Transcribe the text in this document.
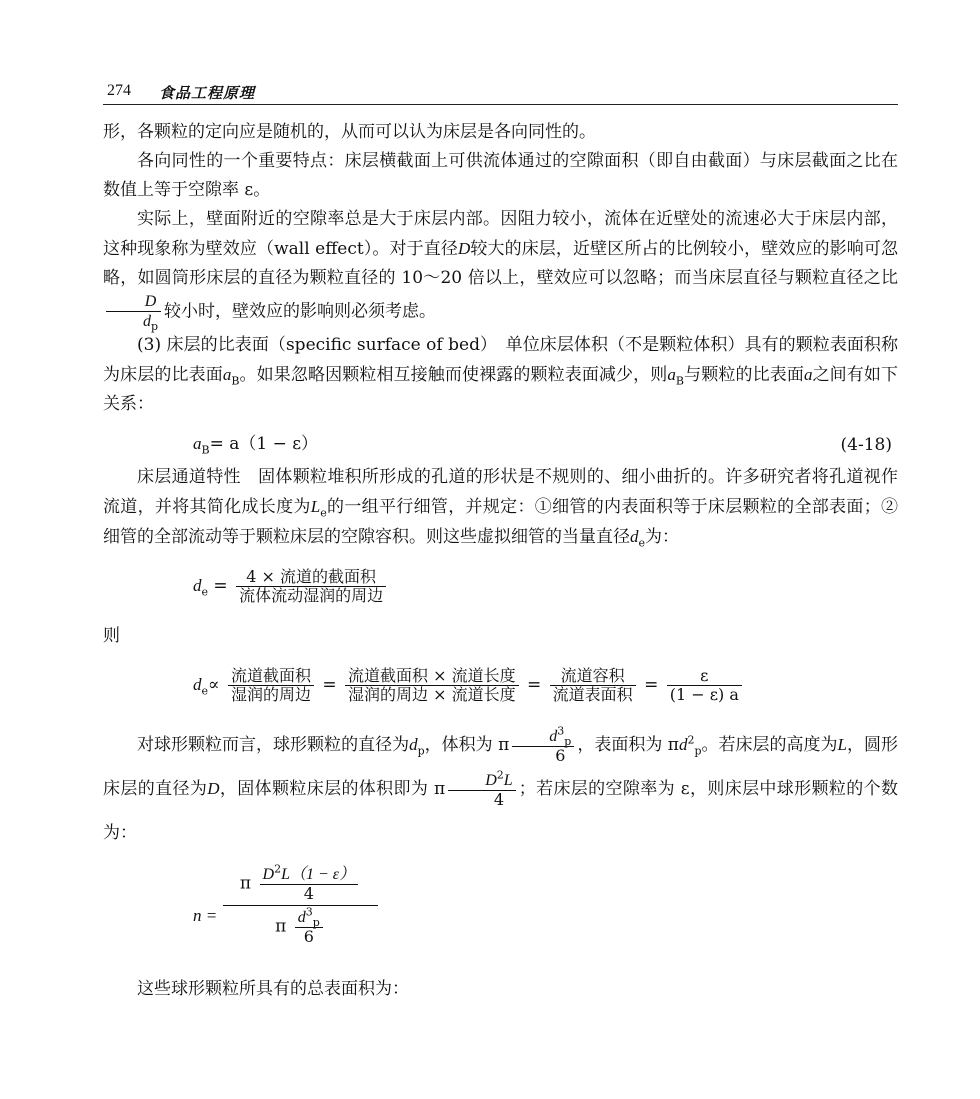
274 食品工程原理

形，各颗粒的定向应是随机的，从而可以认为床层是各向同性的。

各向同性的一个重要特点：床层横截面上可供流体通过的空隙面积（即自由截面）与床层截面之比在数值上等于空隙率 ε。

实际上，壁面附近的空隙率总是大于床层内部。因阻力较小，流体在近壁处的流速必大于床层内部，这种现象称为壁效应（wall effect）。对于直径D较大的床层，近壁区所占的比例较小，壁效应的影响可忽略，如圆筒形床层的直径为颗粒直径的 10～20 倍以上，壁效应可以忽略；而当床层直径与颗粒直径之比
$\frac{D}{d_p}$ 较小时，壁效应的影响则必须考虑。

(3) 床层的比表面（specific surface of bed）　单位床层体积（不是颗粒体积）具有的颗粒表面积称为床层的比表面$a_B$。如果忽略因颗粒相互接触而使裸露的颗粒表面减少，则$a_B$与颗粒的比表面a之间有如下关系：

$a_B= a(1 - \varepsilon)$	(4-18)

床层通道特性　固体颗粒堆积所形成的孔道的形状是不规则的、细小曲折的。许多研究者将孔道视作流道，并将其简化成长度为$L_e$的一组平行细管，并规定：①细管的内表面积等于床层颗粒的全部表面；②细管的全部流动等于颗粒床层的空隙容积。则这些虚拟细管的当量直径$d_e$为：

$d_e = \frac{\text{4 × 流道的截面积}}{\text{流体流动湿润的周边}}$

则

$d_e\propto \frac{\text{流道截面积}}{\text{湿润的周边}} = \frac{\text{流道截面积 × 流道长度}}{\text{湿润的周边 × 流道长度}} = \frac{\text{流道容积}}{\text{流道表面积}} = \frac{\varepsilon}{(1 - \varepsilon) a}$

对球形颗粒而言，球形颗粒的直径为$d_p$，体积为 π $\frac{d^3_p}{6}$ ，表面积为 $\pi d^2_p$。若床层的高度为L，圆形床层的直径为D，固体颗粒床层的体积即为 π $\frac{D^2L}{4}$ ；若床层的空隙率为 ε，则床层中球形颗粒的个数为：

$n = \frac{\pi \frac{D^2L(1 - \varepsilon)}{4}}{\pi \frac{d^3_p}{6}}$

这些球形颗粒所具有的总表面积为：
